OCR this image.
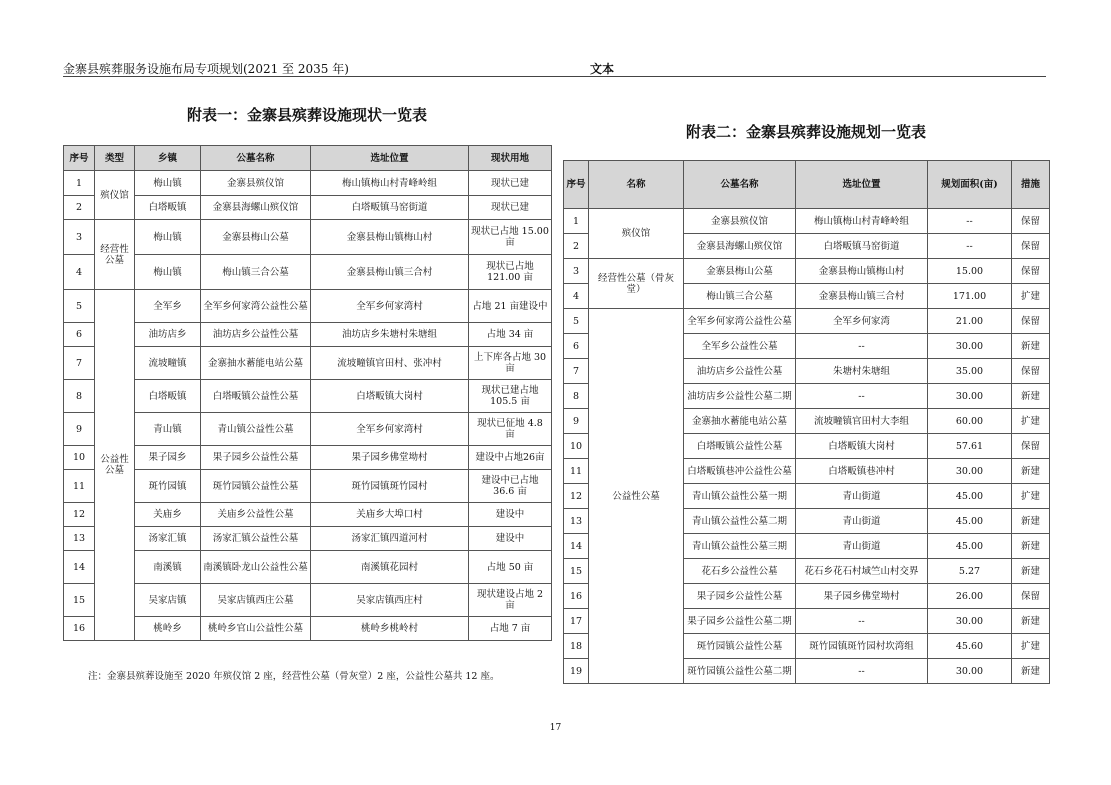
金寨县殡葬服务设施布局专项规划(2021 至 2035 年)	文本
附表一：金寨县殡葬设施现状一览表
序号	类型	乡镇	公墓名称	选址位置	现状用地
1	殡仪馆	梅山镇	金寨县殡仪馆	梅山镇梅山村青峰岭组	现状已建
2		白塔畈镇	金寨县海螺山殡仪馆	白塔畈镇马窑街道	现状已建
3	经营性公墓	梅山镇	金寨县梅山公墓	金寨县梅山镇梅山村	现状已占地 15.00 亩
4		梅山镇	梅山镇三合公墓	金寨县梅山镇三合村	现状已占地 121.00 亩
5	公益性公墓	全军乡	全军乡何家湾公益性公墓	全军乡何家湾村	占地 21 亩建设中
6		油坊店乡	油坊店乡公益性公墓	油坊店乡朱塘村朱塘组	占地 34 亩
7		流坡疃镇	金寨抽水蓄能电站公墓	流坡疃镇官田村、张冲村	上下库各占地 30 亩
8		白塔畈镇	白塔畈镇公益性公墓	白塔畈镇大岗村	现状已建占地 105.5 亩
9		青山镇	青山镇公益性公墓	全军乡何家湾村	现状已征地 4.8 亩
10		果子园乡	果子园乡公益性公墓	果子园乡佛堂坳村	建设中占地26亩
11		斑竹园镇	斑竹园镇公益性公墓	斑竹园镇斑竹园村	建设中已占地 36.6 亩
12		关庙乡	关庙乡公益性公墓	关庙乡大埠口村	建设中
13		汤家汇镇	汤家汇镇公益性公墓	汤家汇镇四道河村	建设中
14		南溪镇	南溪镇卧龙山公益性公墓	南溪镇花园村	占地 50 亩
15		吴家店镇	吴家店镇西庄公墓	吴家店镇西庄村	现状建设占地 2 亩
16		桃岭乡	桃岭乡官山公益性公墓	桃岭乡桃岭村	占地 7 亩
注：金寨县殡葬设施至 2020 年殡仪馆 2 座，经营性公墓（骨灰堂）2 座，公益性公墓共 12 座。
附表二：金寨县殡葬设施规划一览表
序号	名称	公墓名称	选址位置	规划面积(亩)	措施
1	殡仪馆	金寨县殡仪馆	梅山镇梅山村青峰岭组	--	保留
2		金寨县海螺山殡仪馆	白塔畈镇马窑街道	--	保留
3	经营性公墓（骨灰堂）	金寨县梅山公墓	金寨县梅山镇梅山村	15.00	保留
4		梅山镇三合公墓	金寨县梅山镇三合村	171.00	扩建
5	公益性公墓	全军乡何家湾公益性公墓	全军乡何家湾	21.00	保留
6		全军乡公益性公墓	--	30.00	新建
7		油坊店乡公益性公墓	朱塘村朱塘组	35.00	保留
8		油坊店乡公益性公墓二期	--	30.00	新建
9		金寨抽水蓄能电站公墓	流坡疃镇官田村大李组	60.00	扩建
10		白塔畈镇公益性公墓	白塔畈镇大岗村	57.61	保留
11		白塔畈镇巷冲公益性公墓	白塔畈镇巷冲村	30.00	新建
12		青山镇公益性公墓一期	青山街道	45.00	扩建
13		青山镇公益性公墓二期	青山街道	45.00	新建
14		青山镇公益性公墓三期	青山街道	45.00	新建
15		花石乡公益性公墓	花石乡花石村域竺山村交界	5.27	新建
16		果子园乡公益性公墓	果子园乡佛堂坳村	26.00	保留
17		果子园乡公益性公墓二期	--	30.00	新建
18		斑竹园镇公益性公墓	斑竹园镇斑竹园村坎湾组	45.60	扩建
19		斑竹园镇公益性公墓二期	--	30.00	新建
17
